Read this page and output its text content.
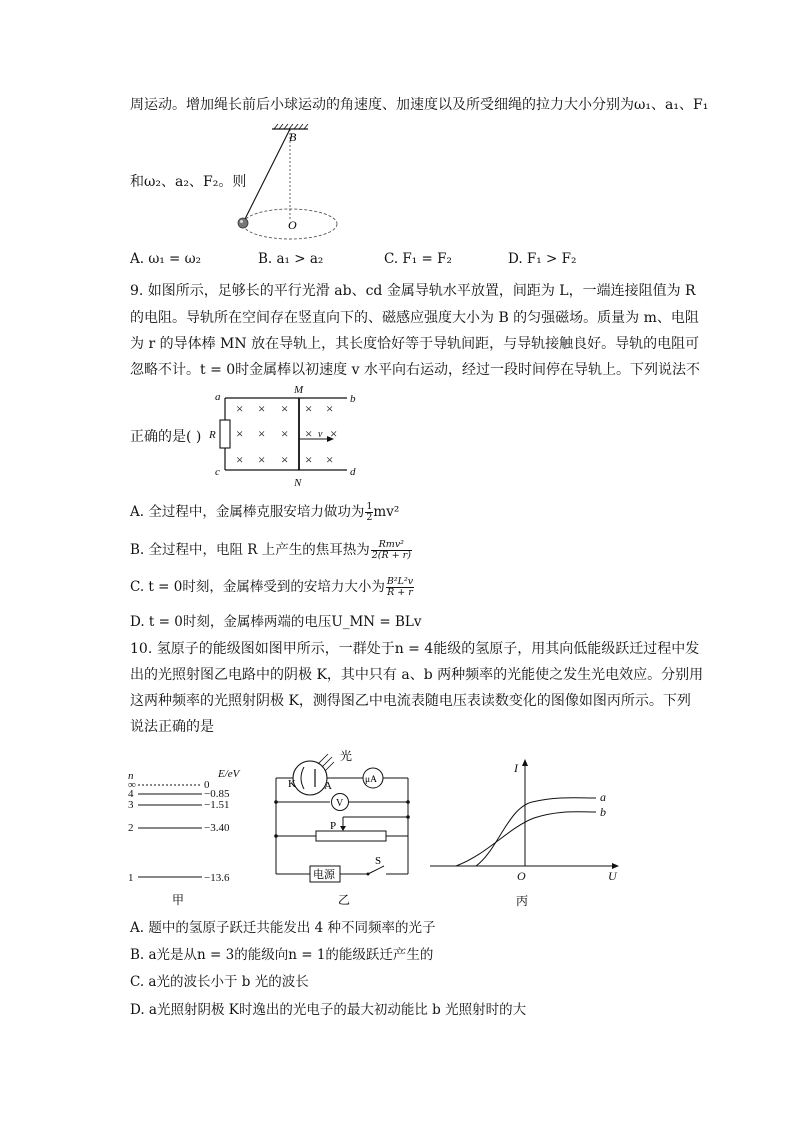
周运动。增加绳长前后小球运动的角速度、加速度以及所受细绳的拉力大小分别为ω₁、a₁、F₁
B
O
和ω₂、a₂、F₂。则
A. ω₁ = ω₂	B. a₁ > a₂	C. F₁ = F₂	D. F₁ > F₂
9. 如图所示，足够长的平行光滑 ab、cd 金属导轨水平放置，间距为 L，一端连接阻值为 R
的电阻。导轨所在空间存在竖直向下的、磁感应强度大小为 B 的匀强磁场。质量为 m、电阻
为 r 的导体棒 MN 放在导轨上，其长度恰好等于导轨间距，与导轨接触良好。导轨的电阻可
忽略不计。t = 0时金属棒以初速度 v 水平向右运动，经过一段时间停在导轨上。下列说法不
正确的是( )
× × × × ×
× × × × ×
× × × × ×
a	b
c	d
M
N
R	v
A. 全过程中，金属棒克服安培力做功为 $\frac{1}{2} mv^2$
B. 全过程中，电阻 R 上产生的焦耳热为 $\frac{\text{Rmv²}}{2(R + r)}$
C. t = 0时刻，金属棒受到的安培力大小为 $\frac{\text{B²L²v}}{R + r}$
D. t = 0时刻，金属棒两端的电压U_MN = BLv
10. 氢原子的能级图如图甲所示，一群处于n = 4能级的氢原子，用其向低能级跃迁过程中发
出的光照射图乙电路中的阴极 K，其中只有 a、b 两种频率的光能使之发生光电效应。分别用
这两种频率的光照射阴极 K，测得图乙中电流表随电压表读数变化的图像如图丙所示。下列
说法正确的是
n	E/eV
∞	0
4	−0.85
3	−1.51
2	−3.40
1	−13.6
甲
光
K	A	μA
V
P
电源
S
乙
I
U
O
a
b
丙
A. 题中的氢原子跃迁共能发出 4 种不同频率的光子
B. a光是从n = 3的能级向n = 1的能级跃迁产生的
C. a光的波长小于 b 光的波长
D. a光照射阴极 K时逸出的光电子的最大初动能比 b 光照射时的大
